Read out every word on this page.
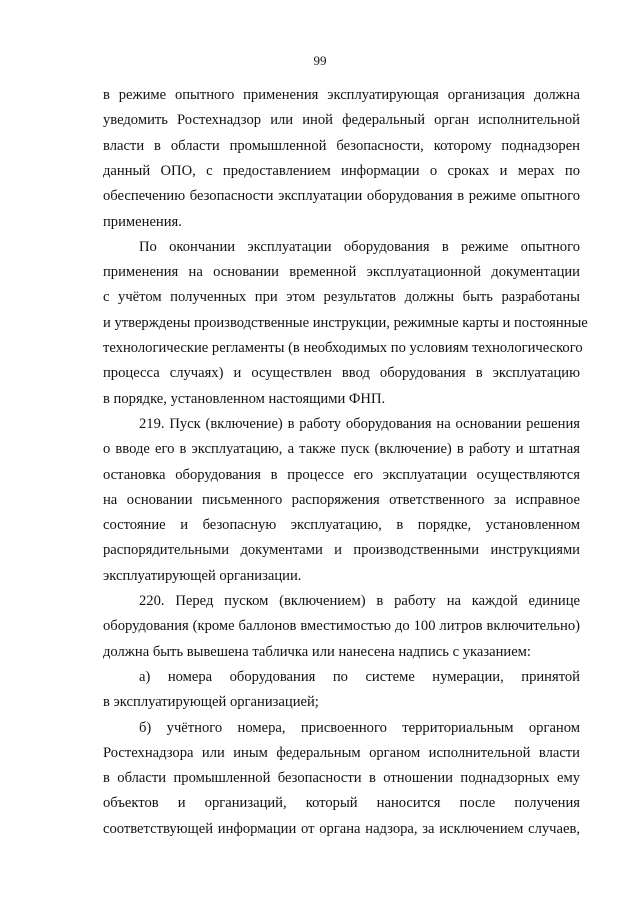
99
в режиме опытного применения эксплуатирующая организация должна
уведомить Ростехнадзор или иной федеральный орган исполнительной
власти в области промышленной безопасности, которому поднадзорен
данный ОПО, с предоставлением информации о сроках и мерах по
обеспечению безопасности эксплуатации оборудования в режиме опытного
применения.
По окончании эксплуатации оборудования в режиме опытного
применения на основании временной эксплуатационной документации
с учётом полученных при этом результатов должны быть разработаны
и утверждены производственные инструкции, режимные карты и постоянные
технологические регламенты (в необходимых по условиям технологического
процесса случаях) и осуществлен ввод оборудования в эксплуатацию
в порядке, установленном настоящими ФНП.
219. Пуск (включение) в работу оборудования на основании решения
о вводе его в эксплуатацию, а также пуск (включение) в работу и штатная
остановка оборудования в процессе его эксплуатации осуществляются
на основании письменного распоряжения ответственного за исправное
состояние и безопасную эксплуатацию, в порядке, установленном
распорядительными документами и производственными инструкциями
эксплуатирующей организации.
220. Перед пуском (включением) в работу на каждой единице
оборудования (кроме баллонов вместимостью до 100 литров включительно)
должна быть вывешена табличка или нанесена надпись с указанием:
а) номера оборудования по системе нумерации, принятой
в эксплуатирующей организацией;
б) учётного номера, присвоенного территориальным органом
Ростехнадзора или иным федеральным органом исполнительной власти
в области промышленной безопасности в отношении поднадзорных ему
объектов и организаций, который наносится после получения
соответствующей информации от органа надзора, за исключением случаев,
